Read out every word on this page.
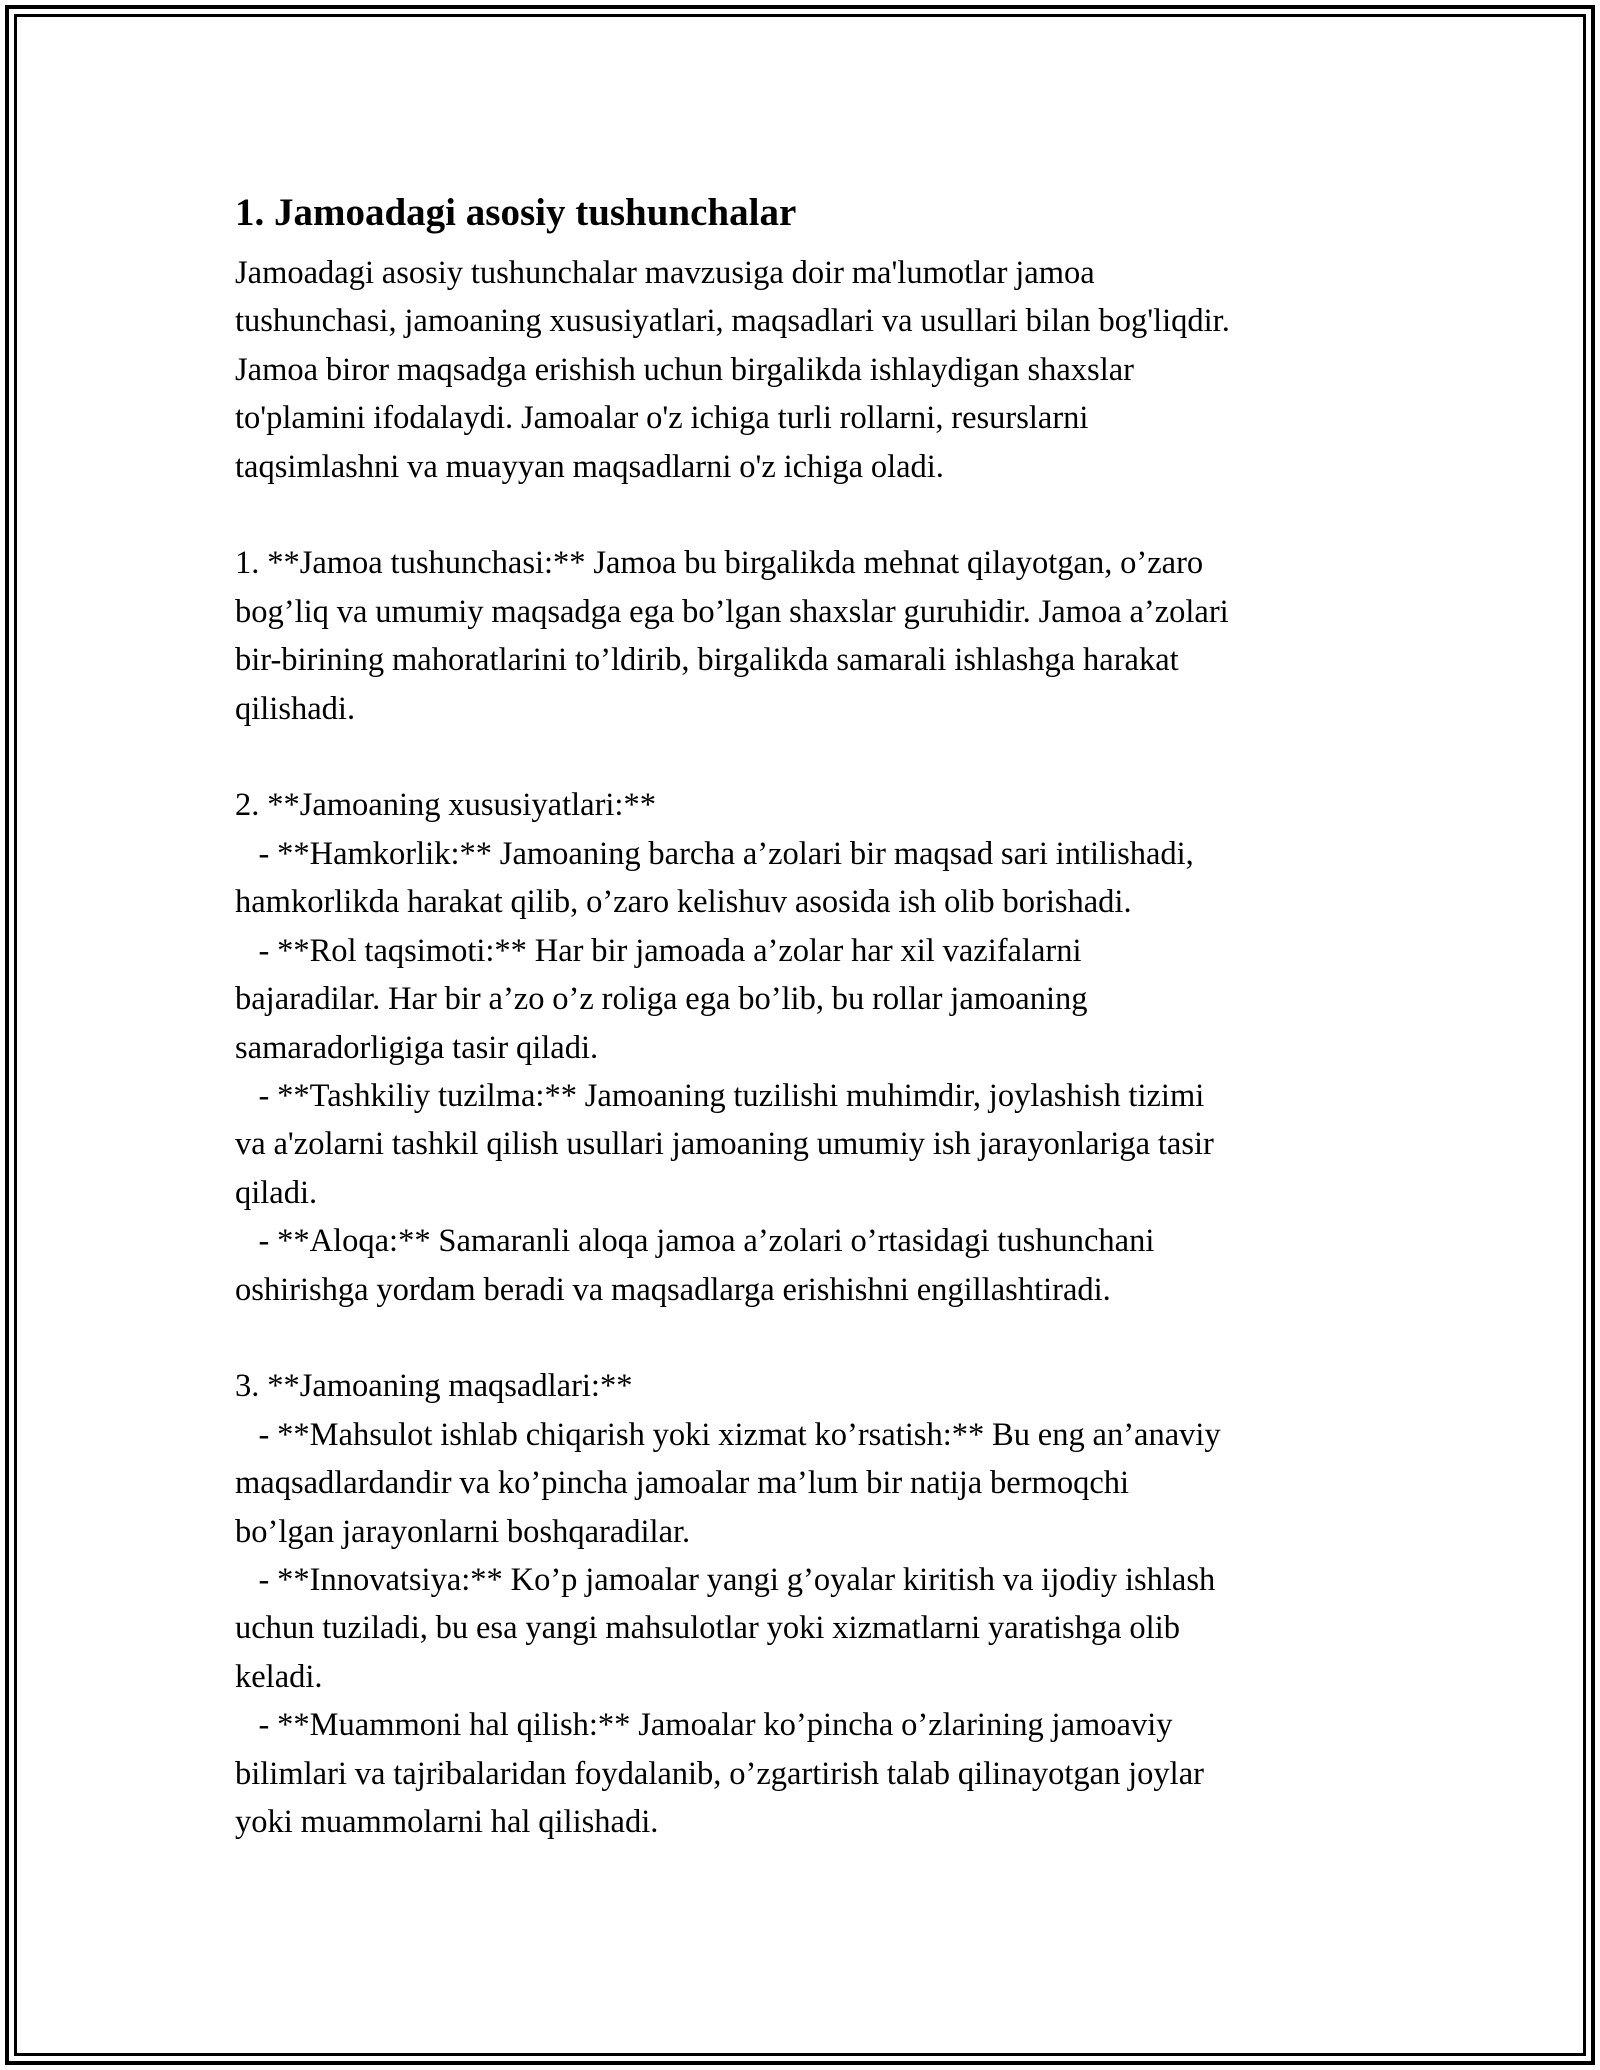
1. Jamoadagi asosiy tushunchalar

Jamoadagi asosiy tushunchalar mavzusiga doir ma'lumotlar jamoa
tushunchasi, jamoaning xususiyatlari, maqsadlari va usullari bilan bog'liqdir.
Jamoa biror maqsadga erishish uchun birgalikda ishlaydigan shaxslar
to'plamini ifodalaydi. Jamoalar o'z ichiga turli rollarni, resurslarni
taqsimlashni va muayyan maqsadlarni o'z ichiga oladi.

1. **Jamoa tushunchasi:** Jamoa bu birgalikda mehnat qilayotgan, o’zaro
bog’liq va umumiy maqsadga ega bo’lgan shaxslar guruhidir. Jamoa a’zolari
bir-birining mahoratlarini to’ldirib, birgalikda samarali ishlashga harakat
qilishadi.

2. **Jamoaning xususiyatlari:**
- **Hamkorlik:** Jamoaning barcha a’zolari bir maqsad sari intilishadi,
hamkorlikda harakat qilib, o’zaro kelishuv asosida ish olib borishadi.
- **Rol taqsimoti:** Har bir jamoada a’zolar har xil vazifalarni
bajaradilar. Har bir a’zo o’z roliga ega bo’lib, bu rollar jamoaning
samaradorligiga tasir qiladi.
- **Tashkiliy tuzilma:** Jamoaning tuzilishi muhimdir, joylashish tizimi
va a'zolarni tashkil qilish usullari jamoaning umumiy ish jarayonlariga tasir
qiladi.
- **Aloqa:** Samaranli aloqa jamoa a’zolari o’rtasidagi tushunchani
oshirishga yordam beradi va maqsadlarga erishishni engillashtiradi.

3. **Jamoaning maqsadlari:**
- **Mahsulot ishlab chiqarish yoki xizmat ko’rsatish:** Bu eng an’anaviy
maqsadlardandir va ko’pincha jamoalar ma’lum bir natija bermoqchi
bo’lgan jarayonlarni boshqaradilar.
- **Innovatsiya:** Ko’p jamoalar yangi g’oyalar kiritish va ijodiy ishlash
uchun tuziladi, bu esa yangi mahsulotlar yoki xizmatlarni yaratishga olib
keladi.
- **Muammoni hal qilish:** Jamoalar ko’pincha o’zlarining jamoaviy
bilimlari va tajribalaridan foydalanib, o’zgartirish talab qilinayotgan joylar
yoki muammolarni hal qilishadi.
